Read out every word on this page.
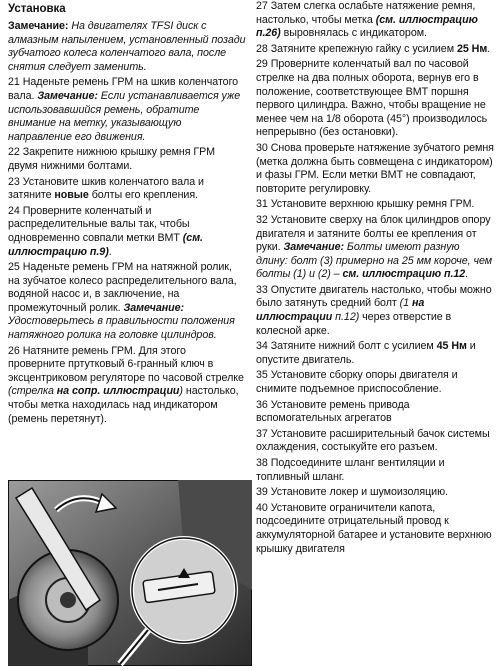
Установка
Замечание: На двигателях TFSI диск с алмазным напылением, установленный позади зубчатого колеса коленчатого вала, после снятия следует заменить.
21 Наденьте ремень ГРМ на шкив коленчатого вала. Замечание: Если устанавливается уже использовавшийся ремень, обратите внимание на метку, указывающую направление его движения.
22 Закрепите нижнюю крышку ремня ГРМ двумя нижними болтами.
23 Установите шкив коленчатого вала и затяните новые болты его крепления.
24 Проверните коленчатый и распределительные валы так, чтобы одновременно совпали метки ВМТ (см. иллюстрацию п.9).
25 Наденьте ремень ГРМ на натяжной ролик, на зубчатое колесо распределительного вала, водяной насос и, в заключение, на промежуточный ролик. Замечание: Удостоверьтесь в правильности положения натяжного ролика на головке цилиндров.
26 Натяните ремень ГРМ. Для этого проверните пртутковый 6-гранный ключ в эксцентриковом регуляторе по часовой стрелке (стрелка на сопр. иллюстрации) настолько, чтобы метка находилась над индикатором (ремень перетянут).
27 Затем слегка ослабьте натяжение ремня, настолько, чтобы метка (см. иллюстрацию п.26) выровнялась с индикатором.
28 Затяните крепежную гайку с усилием 25 Нм.
29 Проверните коленчатый вал по часовой стрелке на два полных оборота, вернув его в положение, соответствующее ВМТ поршня первого цилиндра. Важно, чтобы вращение не менее чем на 1/8 оборота (45°) производилось непрерывно (без остановки).
30 Снова проверьте натяжение зубчатого ремня (метка должна быть совмещена с индикатором) и фазы ГРМ. Если метки ВМТ не совпадают, повторите регулировку.
31 Установите верхнюю крышку ремня ГРМ.
32 Установите сверху на блок цилиндров опору двигателя и затяните болты ее крепления от руки. Замечание: Болты имеют разную длину: болт (3) примерно на 25 мм короче, чем болты (1) и (2) – см. иллюстрацию п.12.
33 Опустите двигатель настолько, чтобы можно было затянуть средний болт (1 на иллюстрации п.12) через отверстие в колесной арке.
34 Затяните нижний болт с усилием 45 Нм и опустите двигатель.
35 Установите сборку опоры двигателя и снимите подъемное приспособление.
36 Установите ремень привода вспомогательных агрегатов
37 Установите расширительный бачок системы охлаждения, состыкуйте его разъем.
38 Подсоедините шланг вентиляции и топливный шланг.
39 Установите локер и шумоизоляцию.
40 Установите ограничители капота, подсоедините отрицательный провод к аккумуляторной батарее и установите верхнюю крышку двигателя
